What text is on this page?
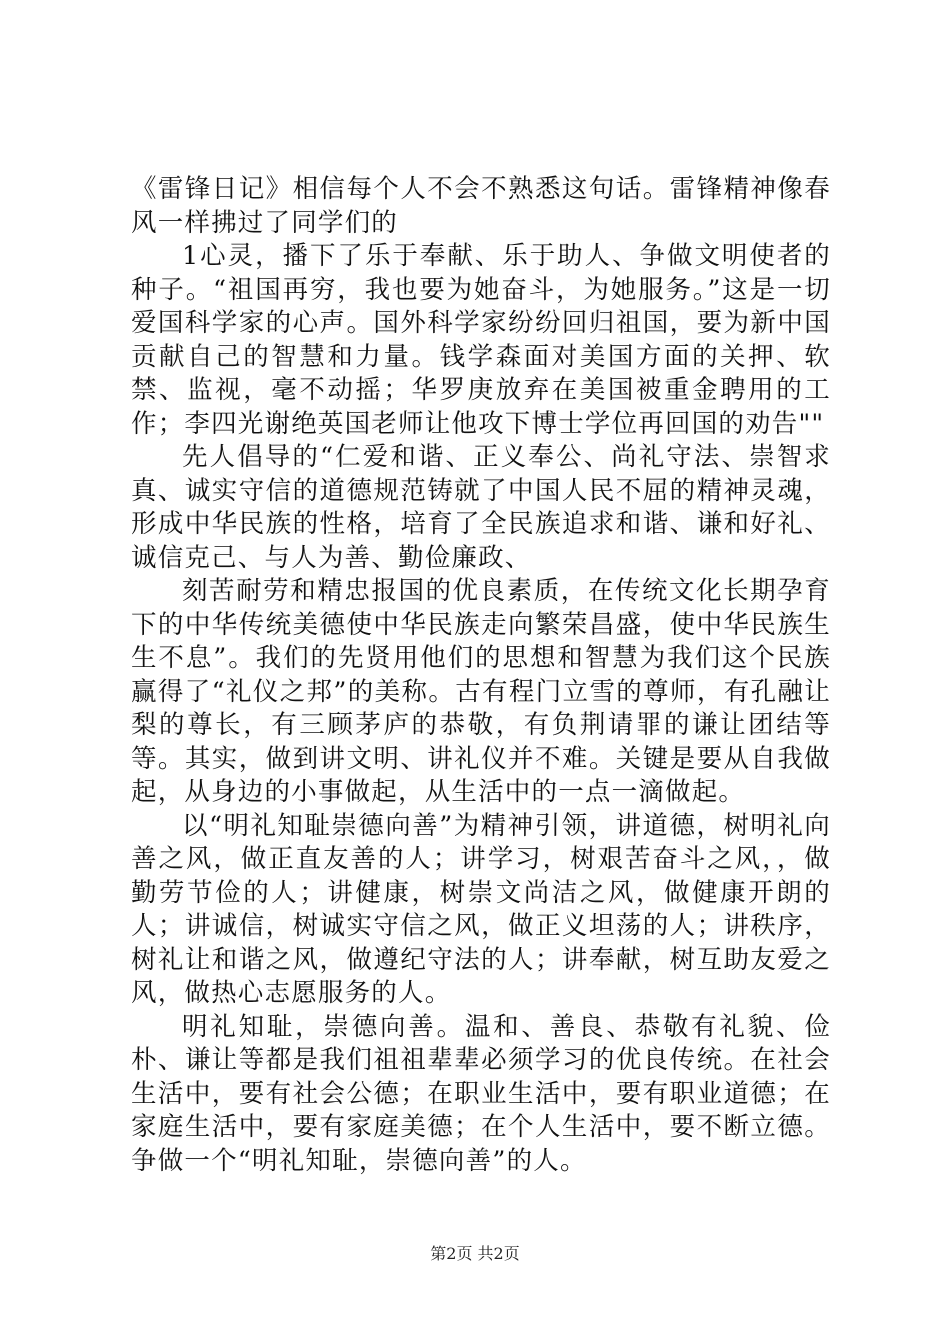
《雷锋日记》相信每个人不会不熟悉这句话。雷锋精神像春风一样拂过了同学们的

1心灵，播下了乐于奉献、乐于助人、争做文明使者的种子。“祖国再穷，我也要为她奋斗，为她服务。”这是一切爱国科学家的心声。国外科学家纷纷回归祖国，要为新中国贡献自己的智慧和力量。钱学森面对美国方面的关押、软禁、监视，毫不动摇；华罗庚放弃在美国被重金聘用的工作；李四光谢绝英国老师让他攻下博士学位再回国的劝告""

先人倡导的“仁爱和谐、正义奉公、尚礼守法、崇智求真、诚实守信的道德规范铸就了中国人民不屈的精神灵魂，形成中华民族的性格，培育了全民族追求和谐、谦和好礼、诚信克己、与人为善、勤俭廉政、

刻苦耐劳和精忠报国的优良素质，在传统文化长期孕育下的中华传统美德使中华民族走向繁荣昌盛，使中华民族生生不息”。我们的先贤用他们的思想和智慧为我们这个民族赢得了“礼仪之邦”的美称。古有程门立雪的尊师，有孔融让梨的尊长，有三顾茅庐的恭敬，有负荆请罪的谦让团结等等。其实，做到讲文明、讲礼仪并不难。关键是要从自我做起，从身边的小事做起，从生活中的一点一滴做起。

以“明礼知耻崇德向善”为精神引领，讲道德，树明礼向善之风，做正直友善的人；讲学习，树艰苦奋斗之风，，做勤劳节俭的人；讲健康，树崇文尚洁之风，做健康开朗的人；讲诚信，树诚实守信之风，做正义坦荡的人；讲秩序，树礼让和谐之风，做遵纪守法的人；讲奉献，树互助友爱之风，做热心志愿服务的人。

明礼知耻，崇德向善。温和、善良、恭敬有礼貌、俭朴、谦让等都是我们祖祖辈辈必须学习的优良传统。在社会生活中，要有社会公德；在职业生活中，要有职业道德；在家庭生活中，要有家庭美德；在个人生活中，要不断立德。争做一个“明礼知耻，崇德向善”的人。

第2页 共2页
